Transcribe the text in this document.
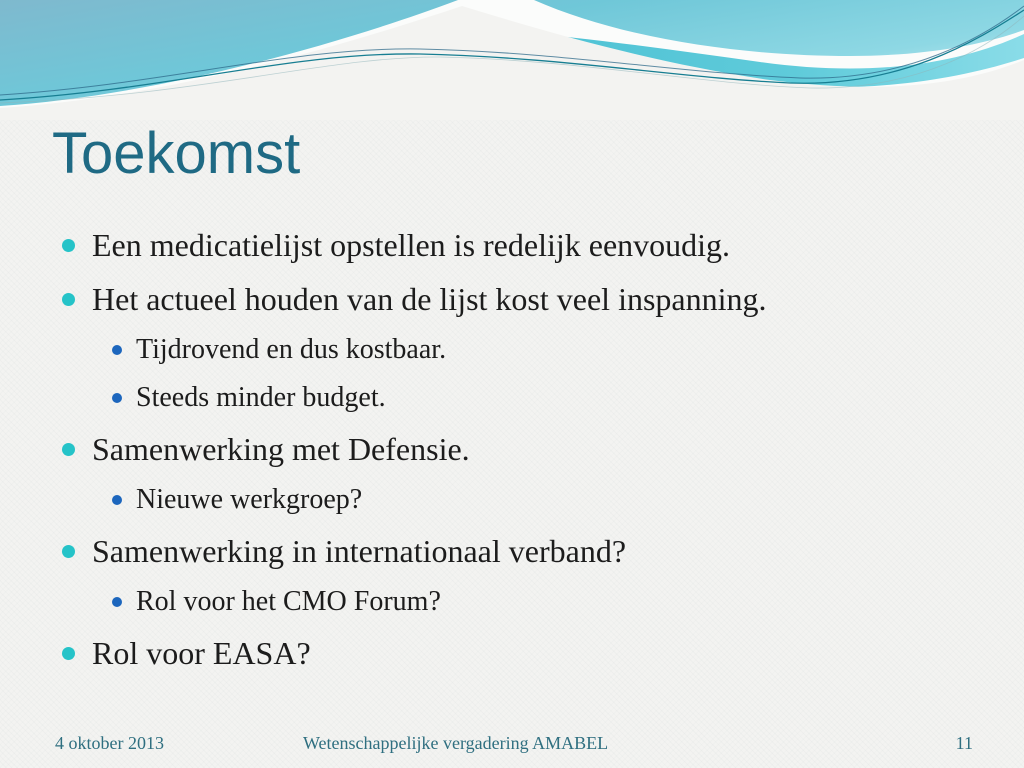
Toekomst
Een medicatielijst opstellen is redelijk eenvoudig.
Het actueel houden van de lijst kost veel inspanning.
Tijdrovend en dus kostbaar.
Steeds minder budget.
Samenwerking met Defensie.
Nieuwe werkgroep?
Samenwerking in internationaal verband?
Rol voor het CMO Forum?
Rol voor EASA?
4 oktober 2013	Wetenschappelijke vergadering AMABEL	11
